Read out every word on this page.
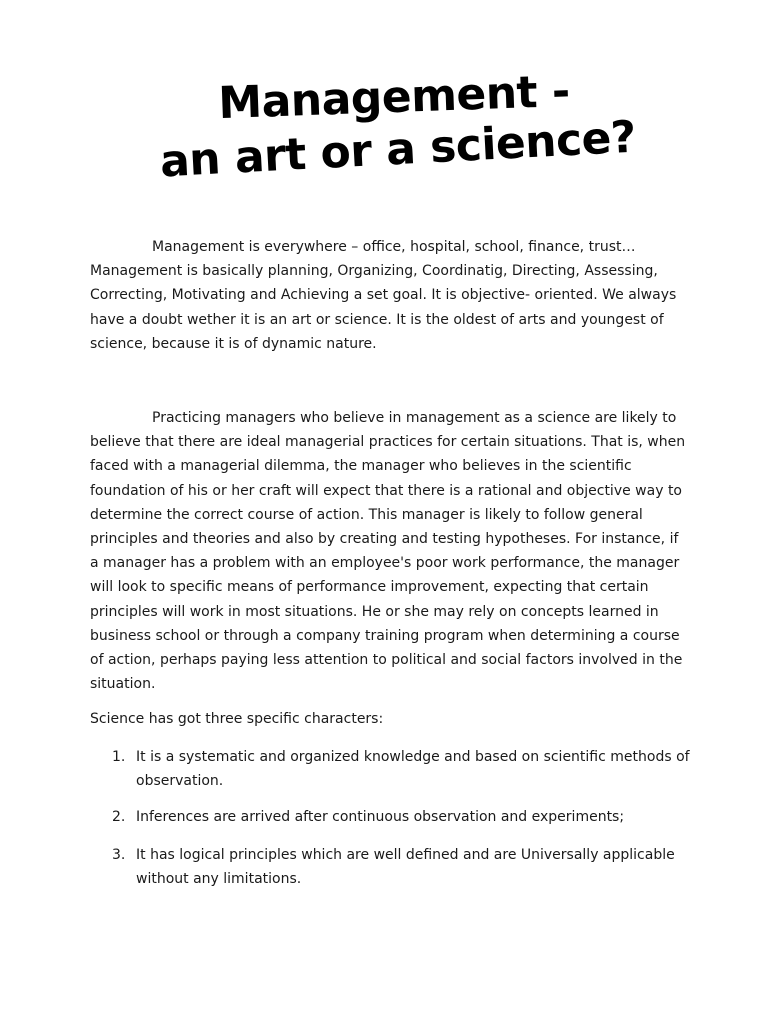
Management -
an art or a science?

Management is everywhere – office, hospital, school, finance, trust… Management is basically planning, Organizing, Coordinatig, Directing, Assessing, Correcting, Motivating and Achieving a set goal. It is objective- oriented. We always have a doubt wether it is an art or science. It is the oldest of arts and youngest of science, because it is of dynamic nature.

Practicing managers who believe in management as a science are likely to believe that there are ideal managerial practices for certain situations. That is, when faced with a managerial dilemma, the manager who believes in the scientific foundation of his or her craft will expect that there is a rational and objective way to determine the correct course of action. This manager is likely to follow general principles and theories and also by creating and testing hypotheses. For instance, if a manager has a problem with an employee's poor work performance, the manager will look to specific means of performance improvement, expecting that certain principles will work in most situations. He or she may rely on concepts learned in business school or through a company training program when determining a course of action, perhaps paying less attention to political and social factors involved in the situation.

Science has got three specific characters:

1. It is a systematic and organized knowledge and based on scientific methods of observation.
2. Inferences are arrived after continuous observation and experiments;
3. It has logical principles which are well defined and are Universally applicable without any limitations.
